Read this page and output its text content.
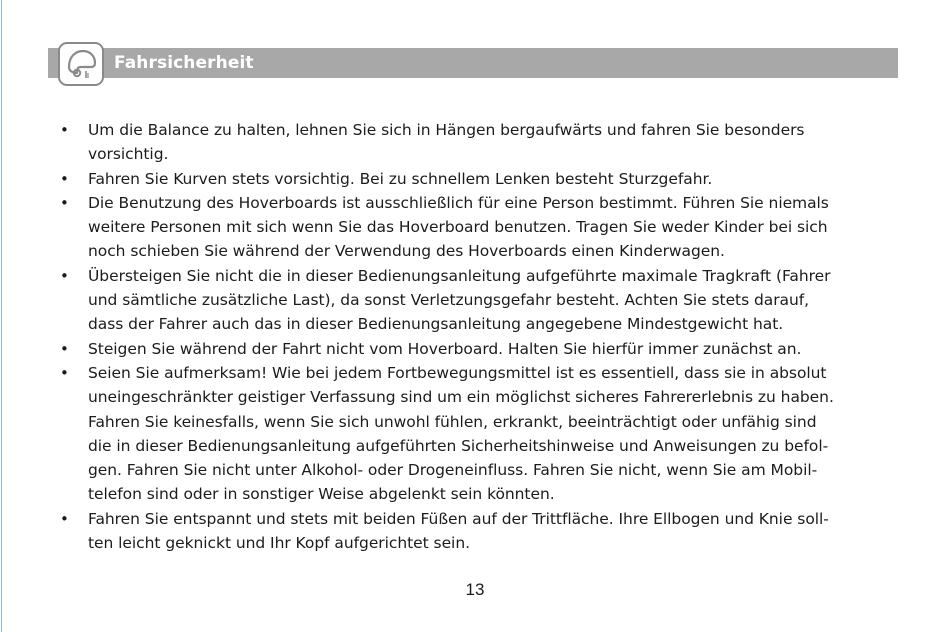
Fahrsicherheit
• Um die Balance zu halten, lehnen Sie sich in Hängen bergaufwärts und fahren Sie besonders
vorsichtig.
• Fahren Sie Kurven stets vorsichtig. Bei zu schnellem Lenken besteht Sturzgefahr.
• Die Benutzung des Hoverboards ist ausschließlich für eine Person bestimmt. Führen Sie niemals
weitere Personen mit sich wenn Sie das Hoverboard benutzen. Tragen Sie weder Kinder bei sich
noch schieben Sie während der Verwendung des Hoverboards einen Kinderwagen.
• Übersteigen Sie nicht die in dieser Bedienungsanleitung aufgeführte maximale Tragkraft (Fahrer
und sämtliche zusätzliche Last), da sonst Verletzungsgefahr besteht. Achten Sie stets darauf,
dass der Fahrer auch das in dieser Bedienungsanleitung angegebene Mindestgewicht hat.
• Steigen Sie während der Fahrt nicht vom Hoverboard. Halten Sie hierfür immer zunächst an.
• Seien Sie aufmerksam! Wie bei jedem Fortbewegungsmittel ist es essentiell, dass sie in absolut
uneingeschränkter geistiger Verfassung sind um ein möglichst sicheres Fahrererlebnis zu haben.
Fahren Sie keinesfalls, wenn Sie sich unwohl fühlen, erkrankt, beeinträchtigt oder unfähig sind
die in dieser Bedienungsanleitung aufgeführten Sicherheitshinweise und Anweisungen zu befol-
gen. Fahren Sie nicht unter Alkohol- oder Drogeneinfluss. Fahren Sie nicht, wenn Sie am Mobil-
telefon sind oder in sonstiger Weise abgelenkt sein könnten.
• Fahren Sie entspannt und stets mit beiden Füßen auf der Trittfläche. Ihre Ellbogen und Knie soll-
ten leicht geknickt und Ihr Kopf aufgerichtet sein.
13
